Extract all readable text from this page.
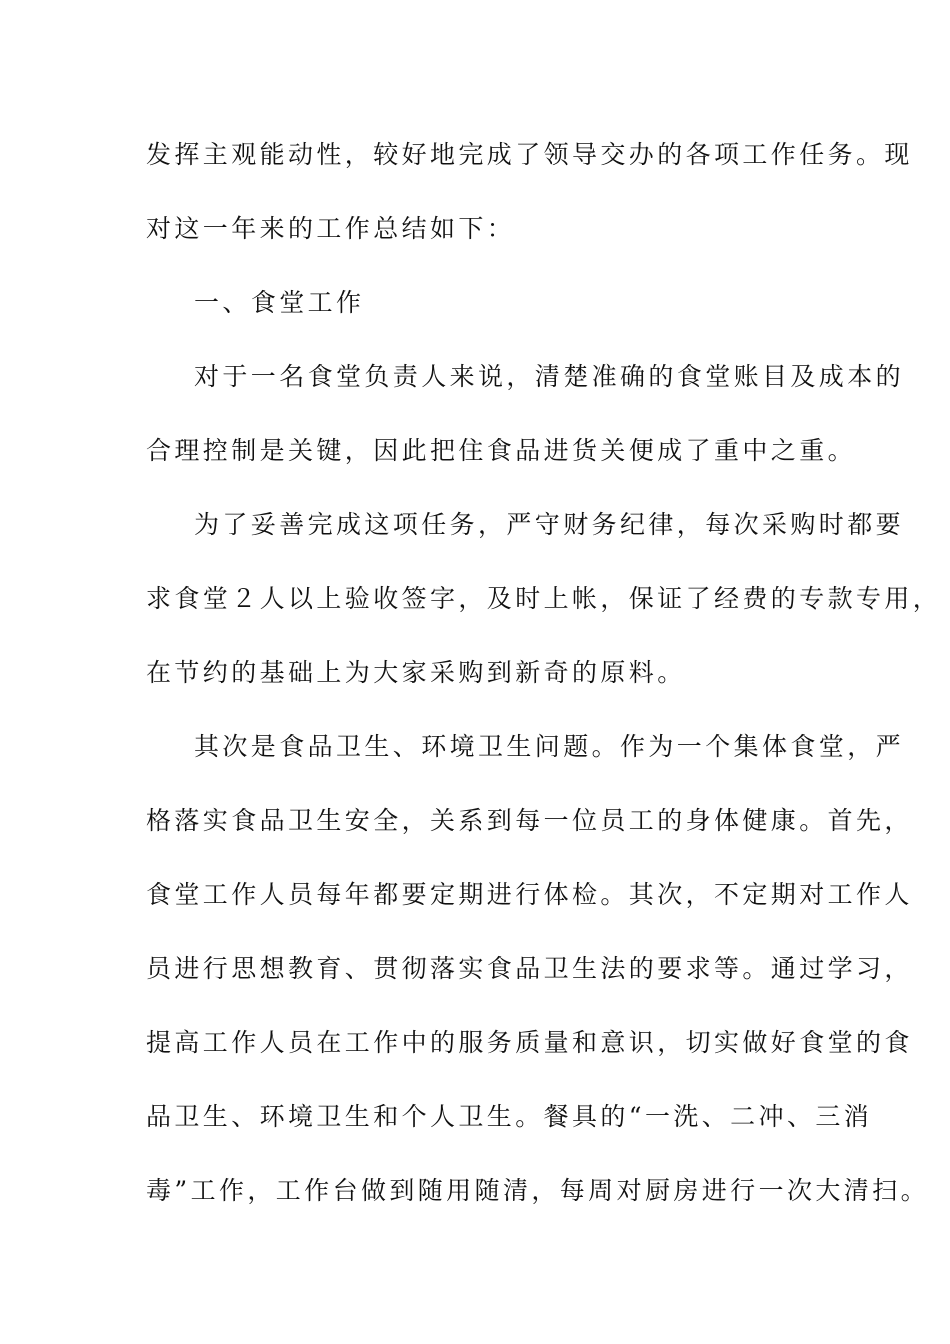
发挥主观能动性，较好地完成了领导交办的各项工作任务。现

对这一年来的工作总结如下：

一、食堂工作

对于一名食堂负责人来说，清楚准确的食堂账目及成本的

合理控制是关键，因此把住食品进货关便成了重中之重。

为了妥善完成这项任务，严守财务纪律，每次采购时都要

求食堂２人以上验收签字，及时上帐，保证了经费的专款专用，

在节约的基础上为大家采购到新奇的原料。

其次是食品卫生、环境卫生问题。作为一个集体食堂，严

格落实食品卫生安全，关系到每一位员工的身体健康。首先，

食堂工作人员每年都要定期进行体检。其次，不定期对工作人

员进行思想教育、贯彻落实食品卫生法的要求等。通过学习，

提高工作人员在工作中的服务质量和意识，切实做好食堂的食

品卫生、环境卫生和个人卫生。餐具的“一洗、二冲、三消

毒”工作，工作台做到随用随清，每周对厨房进行一次大清扫。
